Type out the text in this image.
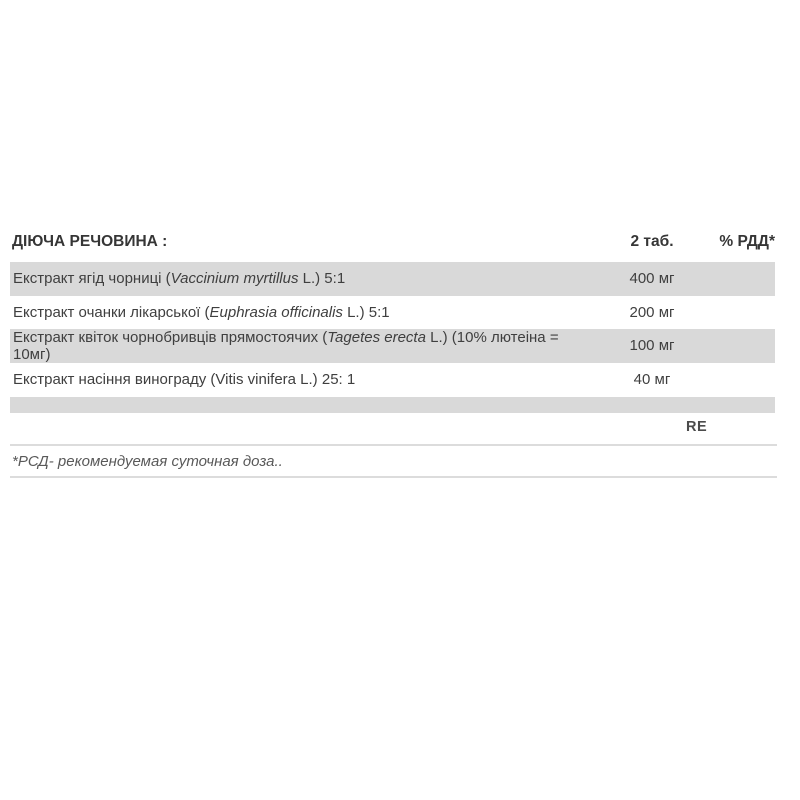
ДІЮЧА РЕЧОВИНА :	2 таб.	% РДД*
Екстракт ягід чорниці (Vaccinium myrtillus L.) 5:1	400 мг
Екстракт очанки лікарської (Euphrasia officinalis L.) 5:1	200 мг
Екстракт квіток чорнобривців прямостоячих (Tagetes erecta L.) (10% лютеіна = 10мг)	100 мг
Екстракт насіння винограду (Vitis vinifera L.) 25: 1	40 мг
RE
*РСД- рекомендуемая суточная доза..
